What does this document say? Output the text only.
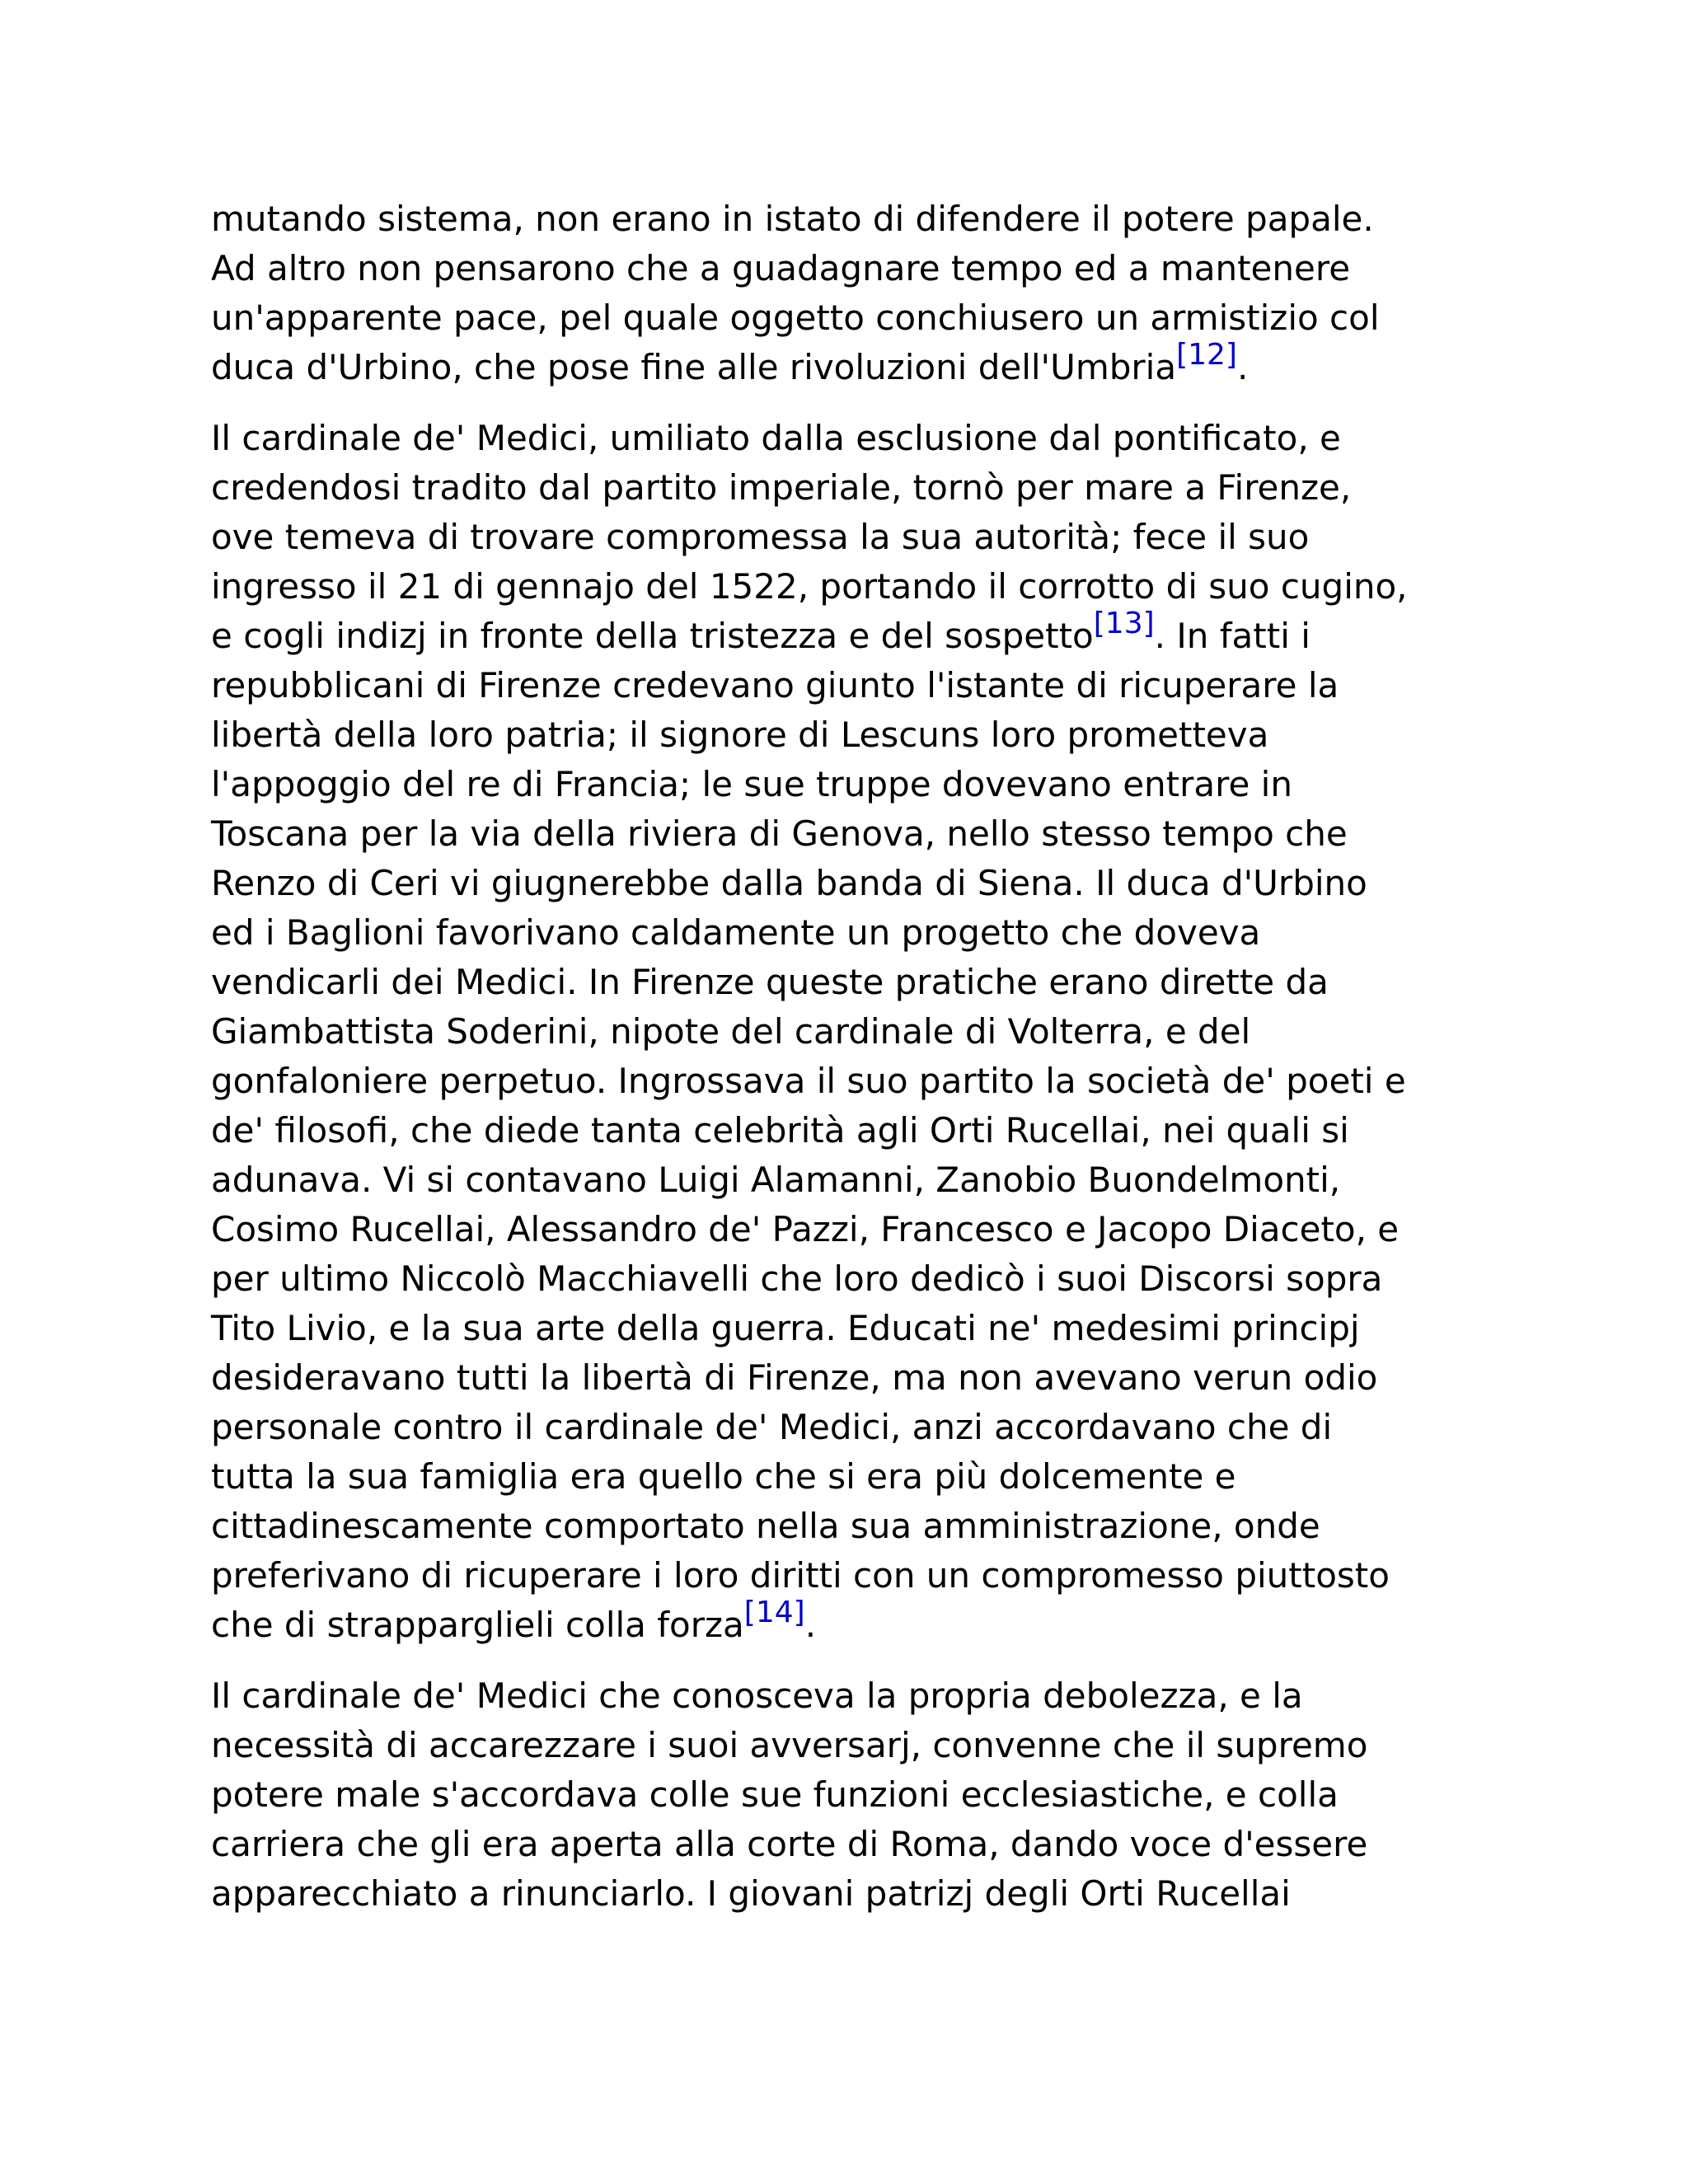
mutando sistema, non erano in istato di difendere il potere papale.
Ad altro non pensarono che a guadagnare tempo ed a mantenere
un'apparente pace, pel quale oggetto conchiusero un armistizio col
duca d'Urbino, che pose fine alle rivoluzioni dell'Umbria[12].

Il cardinale de' Medici, umiliato dalla esclusione dal pontificato, e
credendosi tradito dal partito imperiale, tornò per mare a Firenze,
ove temeva di trovare compromessa la sua autorità; fece il suo
ingresso il 21 di gennajo del 1522, portando il corrotto di suo cugino,
e cogli indizj in fronte della tristezza e del sospetto[13]. In fatti i
repubblicani di Firenze credevano giunto l'istante di ricuperare la
libertà della loro patria; il signore di Lescuns loro prometteva
l'appoggio del re di Francia; le sue truppe dovevano entrare in
Toscana per la via della riviera di Genova, nello stesso tempo che
Renzo di Ceri vi giugnerebbe dalla banda di Siena. Il duca d'Urbino
ed i Baglioni favorivano caldamente un progetto che doveva
vendicarli dei Medici. In Firenze queste pratiche erano dirette da
Giambattista Soderini, nipote del cardinale di Volterra, e del
gonfaloniere perpetuo. Ingrossava il suo partito la società de' poeti e
de' filosofi, che diede tanta celebrità agli Orti Rucellai, nei quali si
adunava. Vi si contavano Luigi Alamanni, Zanobio Buondelmonti,
Cosimo Rucellai, Alessandro de' Pazzi, Francesco e Jacopo Diaceto, e
per ultimo Niccolò Macchiavelli che loro dedicò i suoi Discorsi sopra
Tito Livio, e la sua arte della guerra. Educati ne' medesimi principj
desideravano tutti la libertà di Firenze, ma non avevano verun odio
personale contro il cardinale de' Medici, anzi accordavano che di
tutta la sua famiglia era quello che si era più dolcemente e
cittadinescamente comportato nella sua amministrazione, onde
preferivano di ricuperare i loro diritti con un compromesso piuttosto
che di strapparglieli colla forza[14].

Il cardinale de' Medici che conosceva la propria debolezza, e la
necessità di accarezzare i suoi avversarj, convenne che il supremo
potere male s'accordava colle sue funzioni ecclesiastiche, e colla
carriera che gli era aperta alla corte di Roma, dando voce d'essere
apparecchiato a rinunciarlo. I giovani patrizj degli Orti Rucellai
